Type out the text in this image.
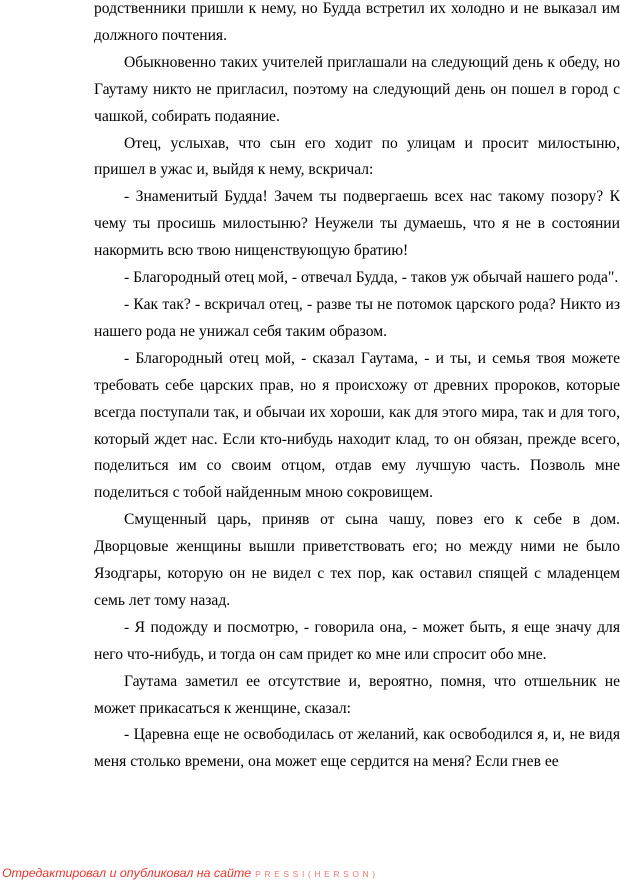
родственники пришли к нему, но Будда встретил их холодно и не выказал им должного почтения.

Обыкновенно таких учителей приглашали на следующий день к обеду, но Гаутаму никто не пригласил, поэтому на следующий день он пошел в город с чашкой, собирать подаяние.

Отец, услыхав, что сын его ходит по улицам и просит милостыню, пришел в ужас и, выйдя к нему, вскричал:

- Знаменитый Будда! Зачем ты подвергаешь всех нас такому позору? К чему ты просишь милостыню? Неужели ты думаешь, что я не в состоянии накормить всю твою нищенствующую братию!

- Благородный отец мой, - отвечал Будда, - таков уж обычай нашего рода".

- Как так? - вскричал отец, - разве ты не потомок царского рода? Никто из нашего рода не унижал себя таким образом.

- Благородный отец мой, - сказал Гаутама, - и ты, и семья твоя можете требовать себе царских прав, но я происхожу от древних пророков, которые всегда поступали так, и обычаи их хороши, как для этого мира, так и для того, который ждет нас. Если кто-нибудь находит клад, то он обязан, прежде всего, поделиться им со своим отцом, отдав ему лучшую часть. Позволь мне поделиться с тобой найденным мною сокровищем.

Смущенный царь, приняв от сына чашу, повез его к себе в дом. Дворцовые женщины вышли приветствовать его; но между ними не было Язодгары, которую он не видел с тех пор, как оставил спящей с младенцем семь лет тому назад.

- Я подожду и посмотрю, - говорила она, - может быть, я еще значу для него что-нибудь, и тогда он сам придет ко мне или спросит обо мне.

Гаутама заметил ее отсутствие и, вероятно, помня, что отшельник не может прикасаться к женщине, сказал:

- Царевна еще не освободилась от желаний, как освободился я, и, не видя меня столько времени, она может еще сердится на меня? Если гнев ее

Отредактировал и опубликовал на сайте PRESSI(HERSON)
